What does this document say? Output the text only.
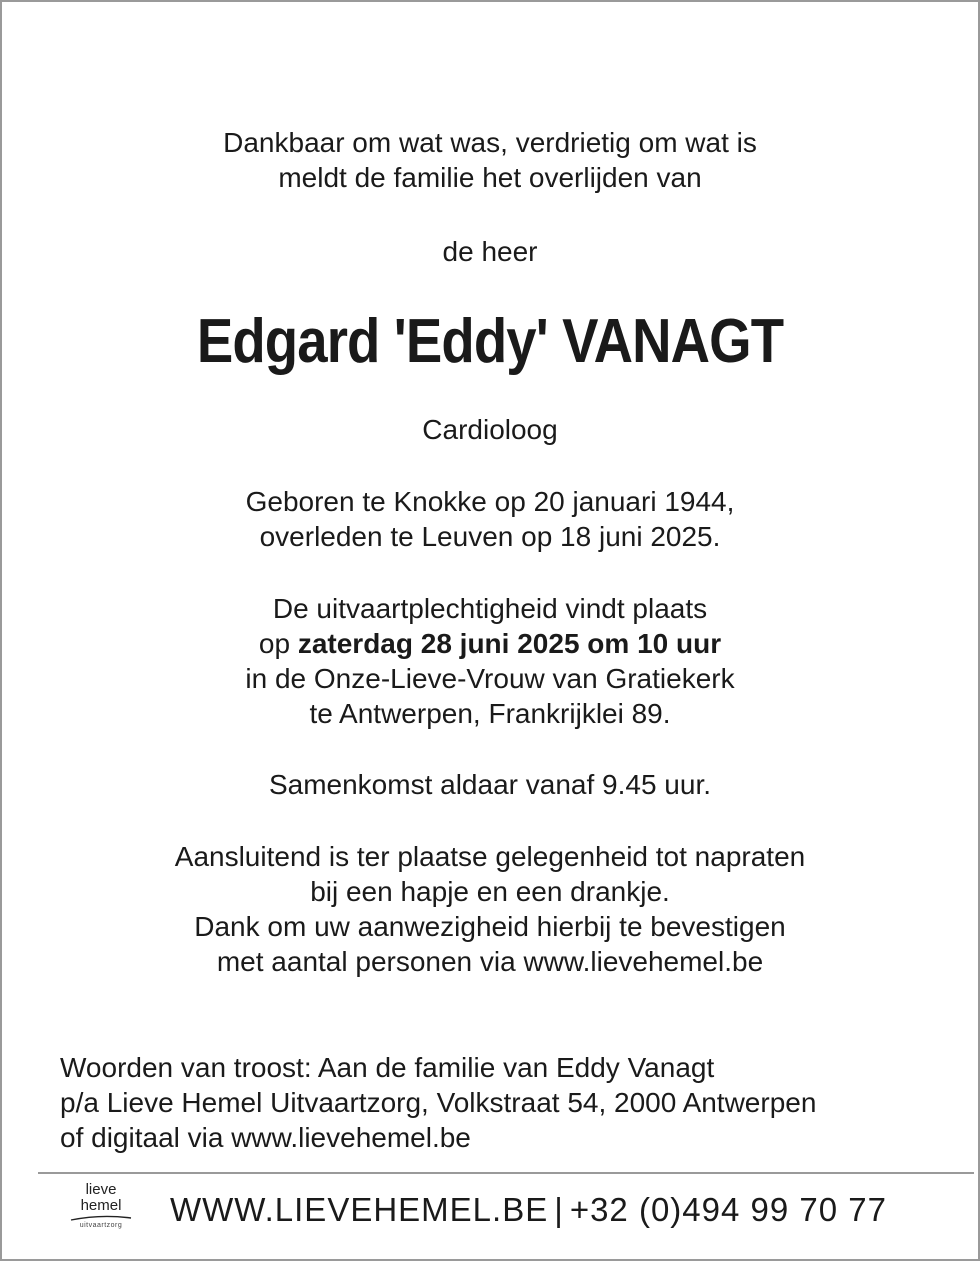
Dankbaar om wat was, verdrietig om wat is
meldt de familie het overlijden van
de heer
Edgard 'Eddy' VANAGT
Cardioloog
Geboren te Knokke op 20 januari 1944,
overleden te Leuven op 18 juni 2025.
De uitvaartplechtigheid vindt plaats
op zaterdag 28 juni 2025 om 10 uur
in de Onze-Lieve-Vrouw van Gratiekerk
te Antwerpen, Frankrijklei 89.
Samenkomst aldaar vanaf 9.45 uur.
Aansluitend is ter plaatse gelegenheid tot napraten
bij een hapje en een drankje.
Dank om uw aanwezigheid hierbij te bevestigen
met aantal personen via www.lievehemel.be
Woorden van troost: Aan de familie van Eddy Vanagt
p/a Lieve Hemel Uitvaartzorg, Volkstraat 54, 2000 Antwerpen
of digitaal via www.lievehemel.be
lieve
hemel
uitvaartzorg	WWW.LIEVEHEMEL.BE | +32 (0)494 99 70 77
